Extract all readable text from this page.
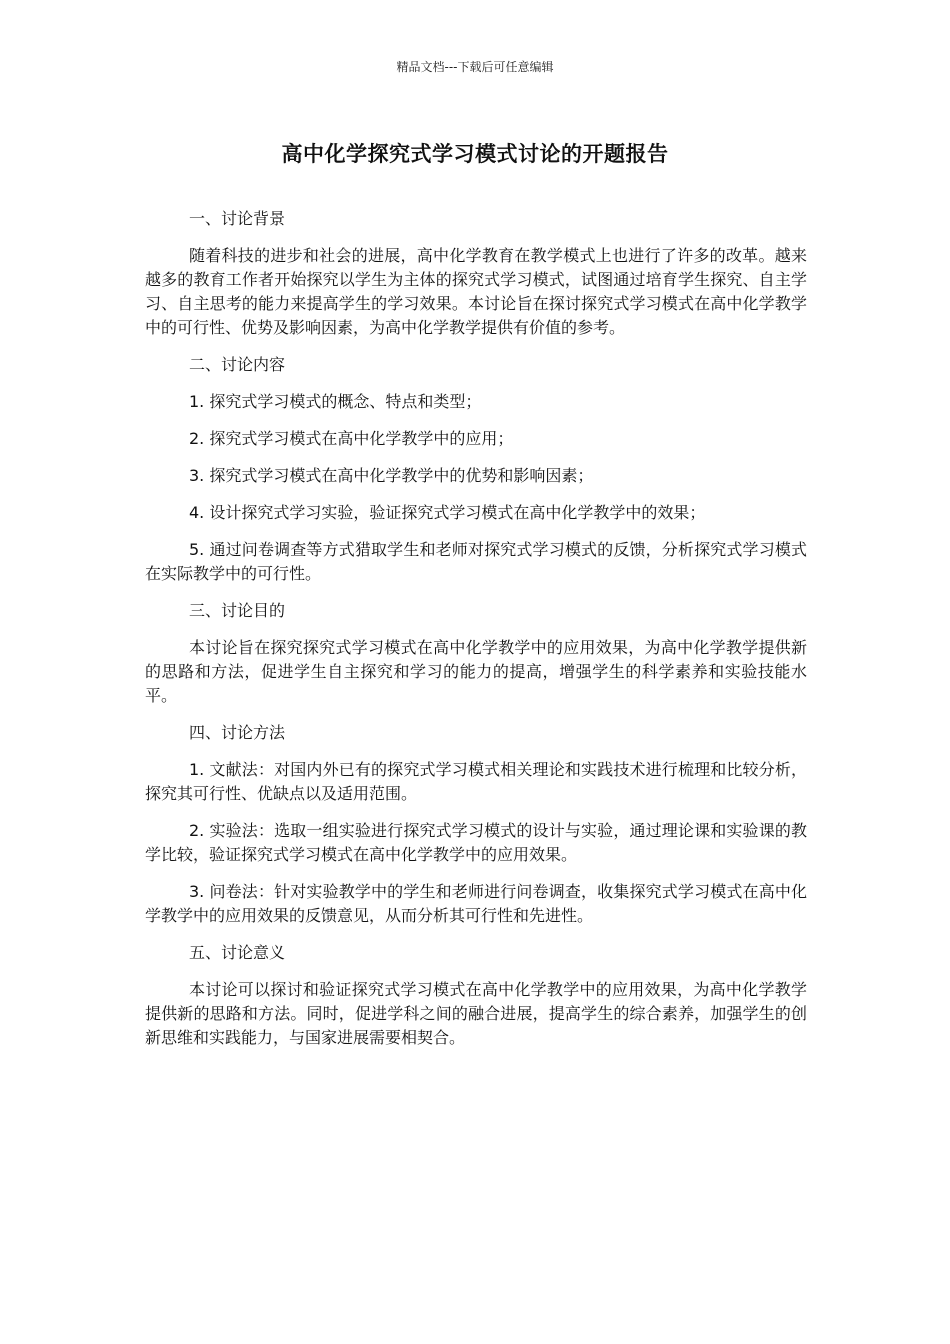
精品文档---下载后可任意编辑
高中化学探究式学习模式讨论的开题报告
一、讨论背景
随着科技的进步和社会的进展，高中化学教育在教学模式上也进行了许多的改革。越来越多的教育工作者开始探究以学生为主体的探究式学习模式，试图通过培育学生探究、自主学习、自主思考的能力来提高学生的学习效果。本讨论旨在探讨探究式学习模式在高中化学教学中的可行性、优势及影响因素，为高中化学教学提供有价值的参考。
二、讨论内容
1. 探究式学习模式的概念、特点和类型；
2. 探究式学习模式在高中化学教学中的应用；
3. 探究式学习模式在高中化学教学中的优势和影响因素；
4. 设计探究式学习实验，验证探究式学习模式在高中化学教学中的效果；
5. 通过问卷调查等方式猎取学生和老师对探究式学习模式的反馈，分析探究式学习模式在实际教学中的可行性。
三、讨论目的
本讨论旨在探究探究式学习模式在高中化学教学中的应用效果，为高中化学教学提供新的思路和方法，促进学生自主探究和学习的能力的提高，增强学生的科学素养和实验技能水平。
四、讨论方法
1. 文献法：对国内外已有的探究式学习模式相关理论和实践技术进行梳理和比较分析，探究其可行性、优缺点以及适用范围。
2. 实验法：选取一组实验进行探究式学习模式的设计与实验，通过理论课和实验课的教学比较，验证探究式学习模式在高中化学教学中的应用效果。
3. 问卷法：针对实验教学中的学生和老师进行问卷调查，收集探究式学习模式在高中化学教学中的应用效果的反馈意见，从而分析其可行性和先进性。
五、讨论意义
本讨论可以探讨和验证探究式学习模式在高中化学教学中的应用效果，为高中化学教学提供新的思路和方法。同时，促进学科之间的融合进展，提高学生的综合素养，加强学生的创新思维和实践能力，与国家进展需要相契合。
